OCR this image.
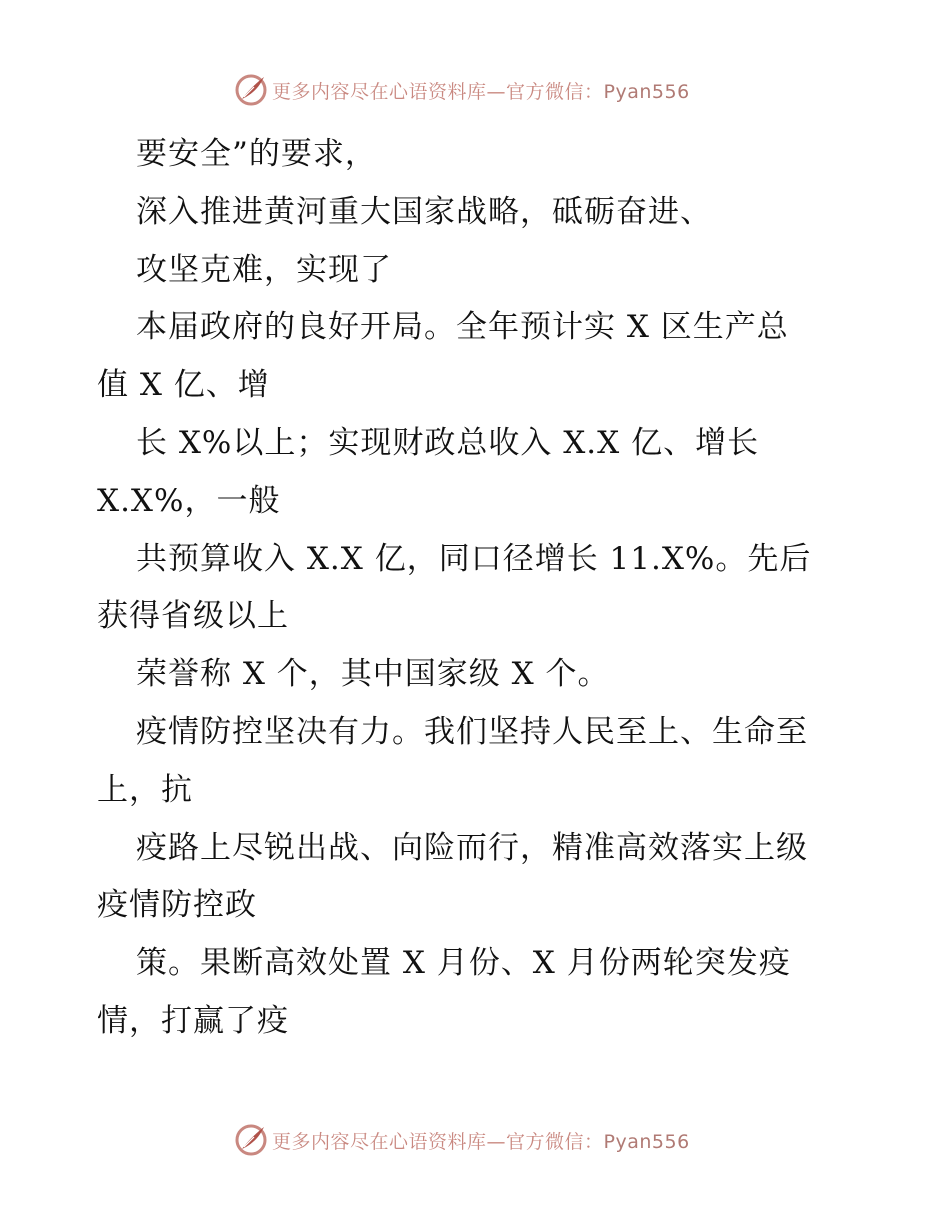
更多内容尽在心语资料库—官方微信：Pyan556
要安全”的要求，
深入推进黄河重大国家战略，砥砺奋进、
攻坚克难，实现了
本届政府的良好开局。全年预计实 X 区生产总
值 X 亿、增
长 X%以上；实现财政总收入 X.X 亿、增长
X.X%，一般
共预算收入 X.X 亿，同口径增长 11.X%。先后
获得省级以上
荣誉称 X 个，其中国家级 X 个。
疫情防控坚决有力。我们坚持人民至上、生命至
上，抗
疫路上尽锐出战、向险而行，精准高效落实上级
疫情防控政
策。果断高效处置 X 月份、X 月份两轮突发疫
情，打赢了疫
更多内容尽在心语资料库—官方微信：Pyan556
